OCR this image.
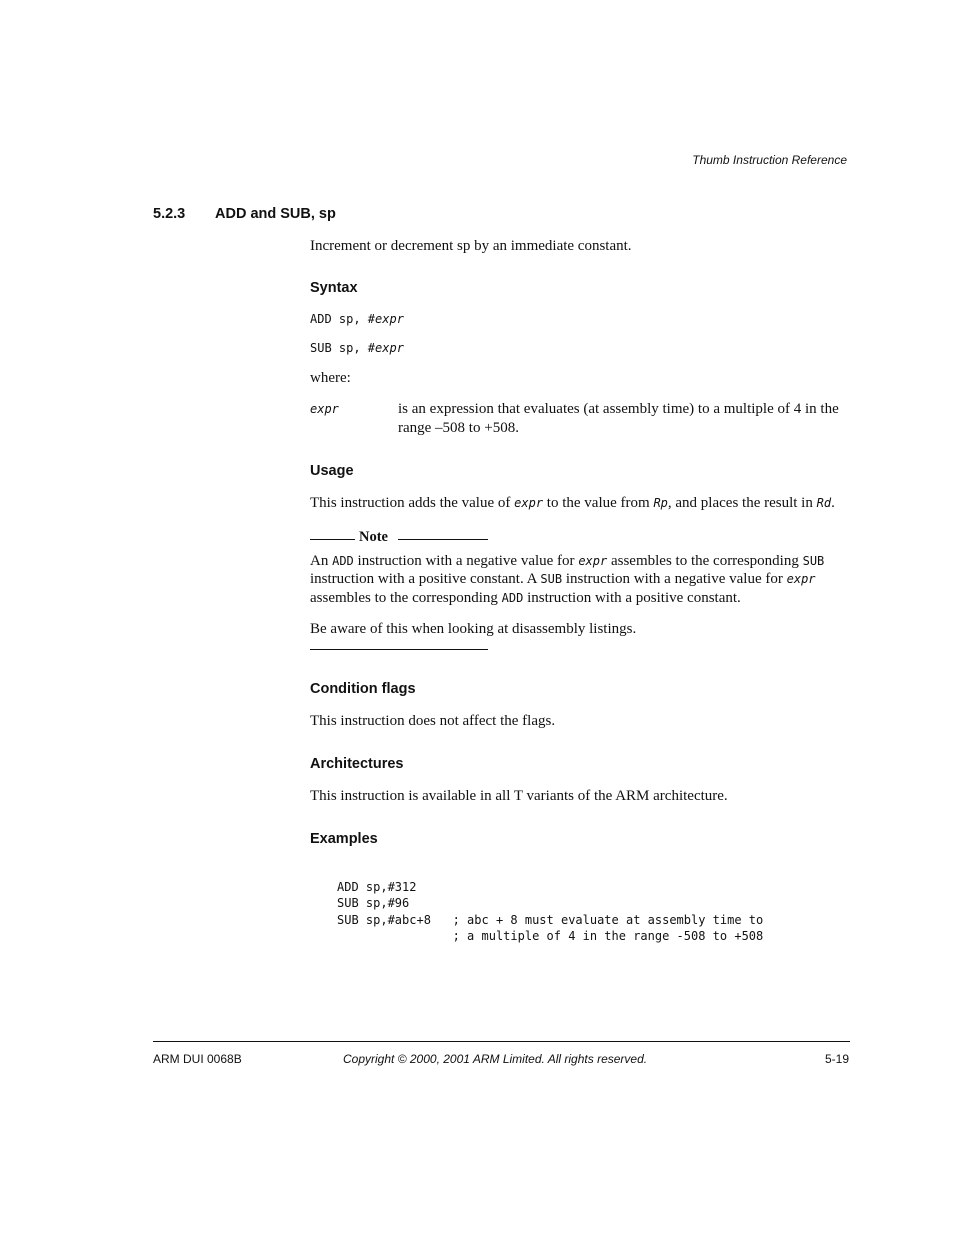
Thumb Instruction Reference
5.2.3 ADD and SUB, sp
Increment or decrement sp by an immediate constant.
Syntax
ADD sp, #expr
SUB sp, #expr
where:
expr	is an expression that evaluates (at assembly time) to a multiple of 4 in the
range –508 to +508.
Usage
This instruction adds the value of expr to the value from Rp, and places the result in Rd.
Note
An ADD instruction with a negative value for expr assembles to the corresponding SUB
instruction with a positive constant. A SUB instruction with a negative value for expr
assembles to the corresponding ADD instruction with a positive constant.
Be aware of this when looking at disassembly listings.
Condition flags
This instruction does not affect the flags.
Architectures
This instruction is available in all T variants of the ARM architecture.
Examples

ADD sp,#312
SUB sp,#96
SUB sp,#abc+8   ; abc + 8 must evaluate at assembly time to
; a multiple of 4 in the range -508 to +508

ARM DUI 0068B	Copyright © 2000, 2001 ARM Limited. All rights reserved.	5-19
